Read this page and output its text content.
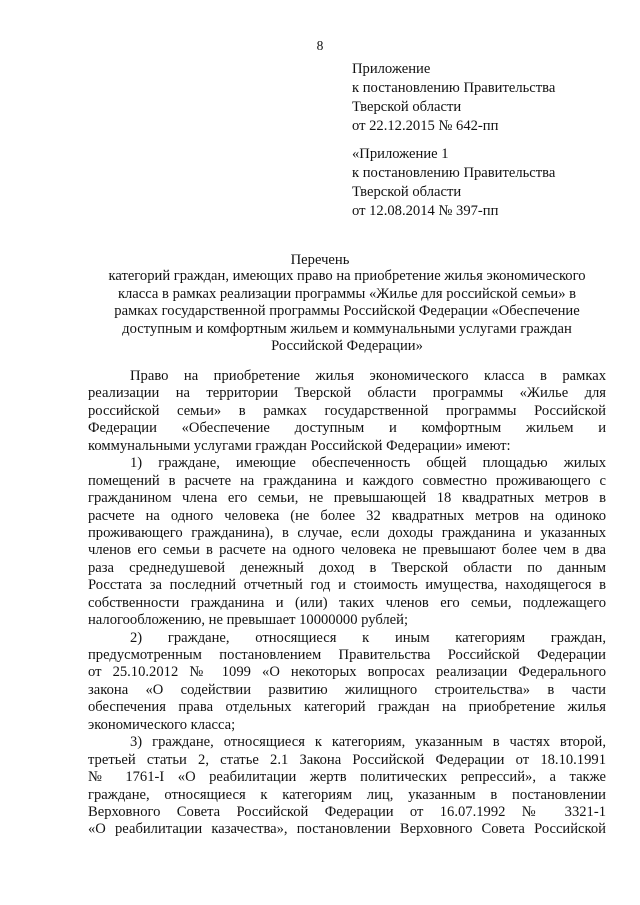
8
Приложение
к постановлению Правительства
Тверской области
от 22.12.2015 № 642-пп
«Приложение 1
к постановлению Правительства
Тверской области
от 12.08.2014 № 397-пп
Перечень
категорий граждан, имеющих право на приобретение жилья экономического
класса в рамках реализации программы «Жилье для российской семьи» в
рамках государственной программы Российской Федерации «Обеспечение
доступным и комфортным жильем и коммунальными услугами граждан
Российской Федерации»
Право на приобретение жилья экономического класса в рамках
реализации на территории Тверской области программы «Жилье для
российской семьи» в рамках государственной программы Российской
Федерации «Обеспечение доступным и комфортным жильем и
коммунальными услугами граждан Российской Федерации» имеют:
1) граждане, имеющие обеспеченность общей площадью жилых
помещений в расчете на гражданина и каждого совместно проживающего с
гражданином члена его семьи, не превышающей 18 квадратных метров в
расчете на одного человека (не более 32 квадратных метров на одиноко
проживающего гражданина), в случае, если доходы гражданина и указанных
членов его семьи в расчете на одного человека не превышают более чем в два
раза среднедушевой денежный доход в Тверской области по данным
Росстата за последний отчетный год и стоимость имущества, находящегося в
собственности гражданина и (или) таких членов его семьи, подлежащего
налогообложению, не превышает 10000000 рублей;
2) граждане, относящиеся к иным категориям граждан,
предусмотренным постановлением Правительства Российской Федерации
от 25.10.2012 № 1099 «О некоторых вопросах реализации Федерального
закона «О содействии развитию жилищного строительства» в части
обеспечения права отдельных категорий граждан на приобретение жилья
экономического класса;
3) граждане, относящиеся к категориям, указанным в частях второй,
третьей статьи 2, статье 2.1 Закона Российской Федерации от 18.10.1991
№ 1761-I «О реабилитации жертв политических репрессий», а также
граждане, относящиеся к категориям лиц, указанным в постановлении
Верховного Совета Российской Федерации от 16.07.1992 № 3321-1
«О реабилитации казачества», постановлении Верховного Совета Российской
